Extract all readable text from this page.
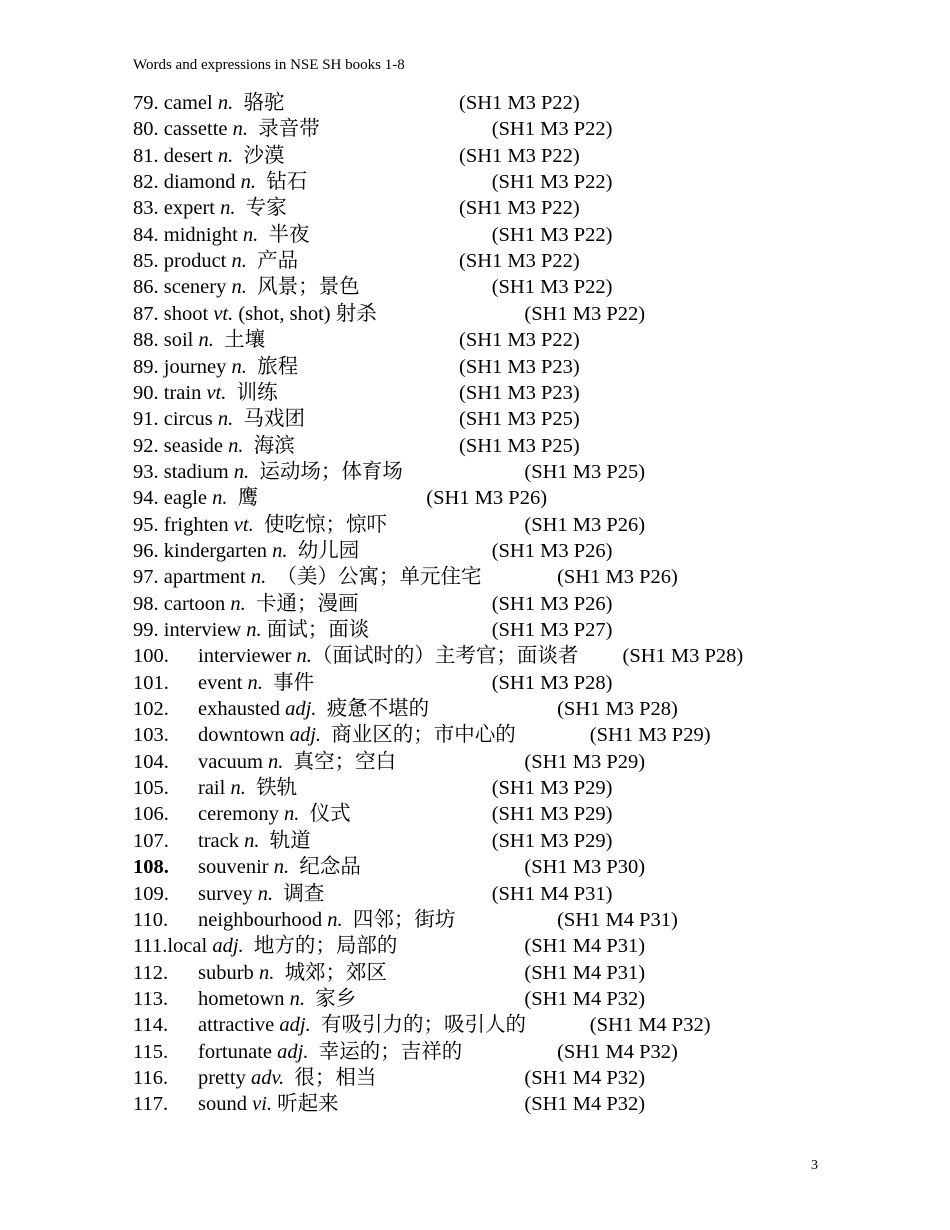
Words and expressions in NSE SH books 1-8
79. camel n.  骆驼	(SH1 M3 P22)
80. cassette n.  录音带	(SH1 M3 P22)
81. desert n.  沙漠	(SH1 M3 P22)
82. diamond n.  钻石	(SH1 M3 P22)
83. expert n.  专家	(SH1 M3 P22)
84. midnight n.  半夜	(SH1 M3 P22)
85. product n.  产品	(SH1 M3 P22)
86. scenery n.  风景；景色	(SH1 M3 P22)
87. shoot vt. (shot, shot) 射杀	(SH1 M3 P22)
88. soil n.  土壤	(SH1 M3 P22)
89. journey n.  旅程	(SH1 M3 P23)
90. train vt.  训练	(SH1 M3 P23)
91. circus n.  马戏团	(SH1 M3 P25)
92. seaside n.  海滨	(SH1 M3 P25)
93. stadium n.  运动场；体育场	(SH1 M3 P25)
94. eagle n.  鹰	(SH1 M3 P26)
95. frighten vt.  使吃惊；惊吓	(SH1 M3 P26)
96. kindergarten n.  幼儿园	(SH1 M3 P26)
97. apartment n.  （美）公寓；单元住宅	(SH1 M3 P26)
98. cartoon n.  卡通；漫画	(SH1 M3 P26)
99. interview n. 面试；面谈	(SH1 M3 P27)
100. interviewer n.（面试时的）主考官；面谈者 (SH1 M3 P28)
101. event n.  事件	(SH1 M3 P28)
102. exhausted adj.  疲惫不堪的	(SH1 M3 P28)
103. downtown adj.  商业区的；市中心的	(SH1 M3 P29)
104. vacuum n.  真空；空白	(SH1 M3 P29)
105. rail n.  铁轨	(SH1 M3 P29)
106. ceremony n.  仪式	(SH1 M3 P29)
107. track n.  轨道	(SH1 M3 P29)
108. souvenir n.  纪念品	(SH1 M3 P30)
109. survey n.  调查	(SH1 M4 P31)
110. neighbourhood n.  四邻；街坊	(SH1 M4 P31)
111.local adj.  地方的；局部的	(SH1 M4 P31)
112. suburb n.  城郊；郊区	(SH1 M4 P31)
113. hometown n.  家乡	(SH1 M4 P32)
114. attractive adj.  有吸引力的；吸引人的	(SH1 M4 P32)
115. fortunate adj.  幸运的；吉祥的	(SH1 M4 P32)
116. pretty adv.  很；相当	(SH1 M4 P32)
117. sound vi. 听起来	(SH1 M4 P32)
3
